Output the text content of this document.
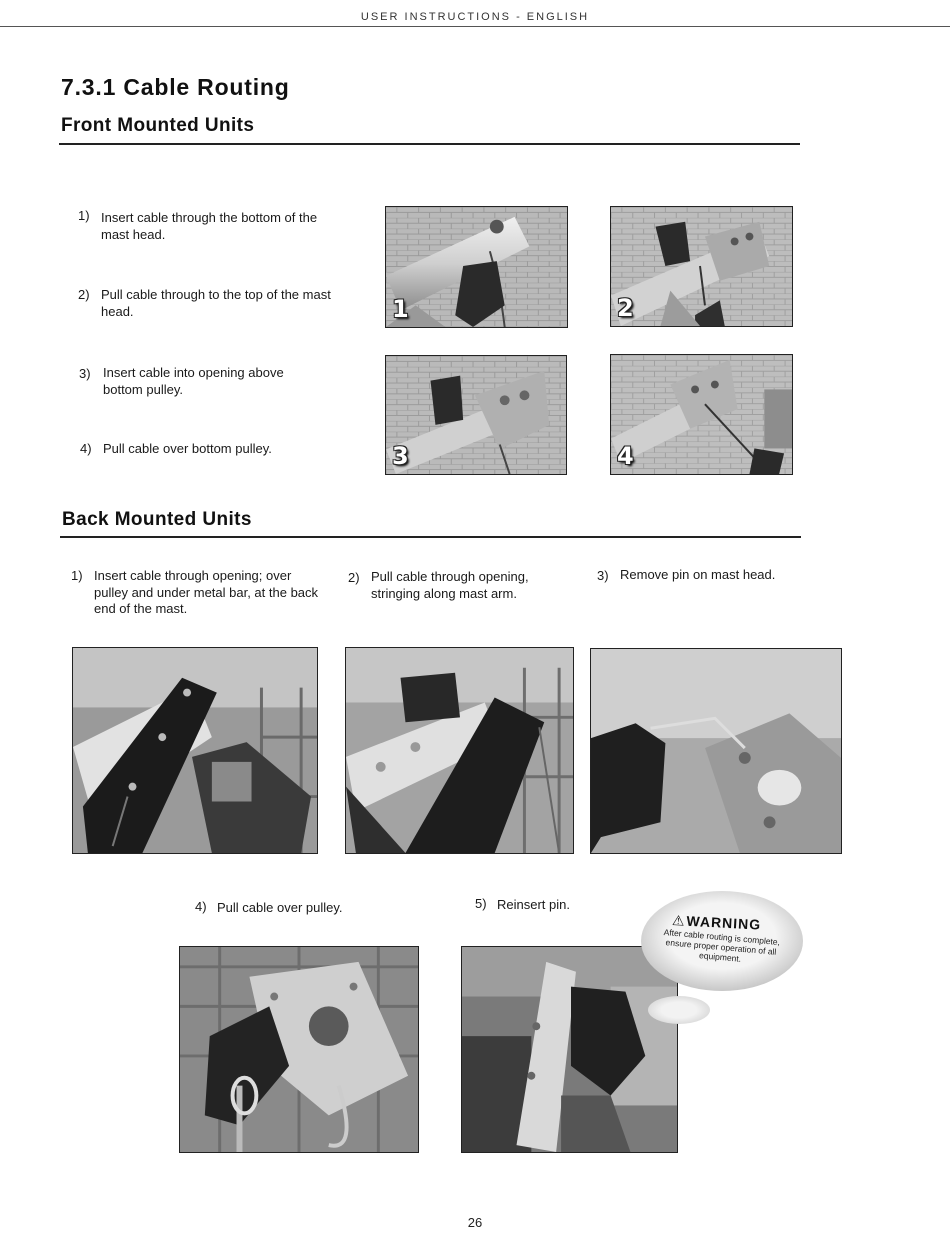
USER INSTRUCTIONS - ENGLISH
7.3.1 Cable Routing
Front Mounted Units
1) Insert cable through the bottom of the mast head.
2) Pull cable through to the top of the mast head.
3) Insert cable into opening above bottom pulley.
4) Pull cable over bottom pulley.
1	2
3	4
Back Mounted Units
1) Insert cable through opening; over pulley and under metal bar, at the back end of the mast.
2) Pull cable through opening, stringing along mast arm.
3) Remove pin on mast head.
4) Pull cable over pulley.	5) Reinsert pin.
⚠WARNING
After cable routing is complete, ensure proper operation of all equipment.
26
